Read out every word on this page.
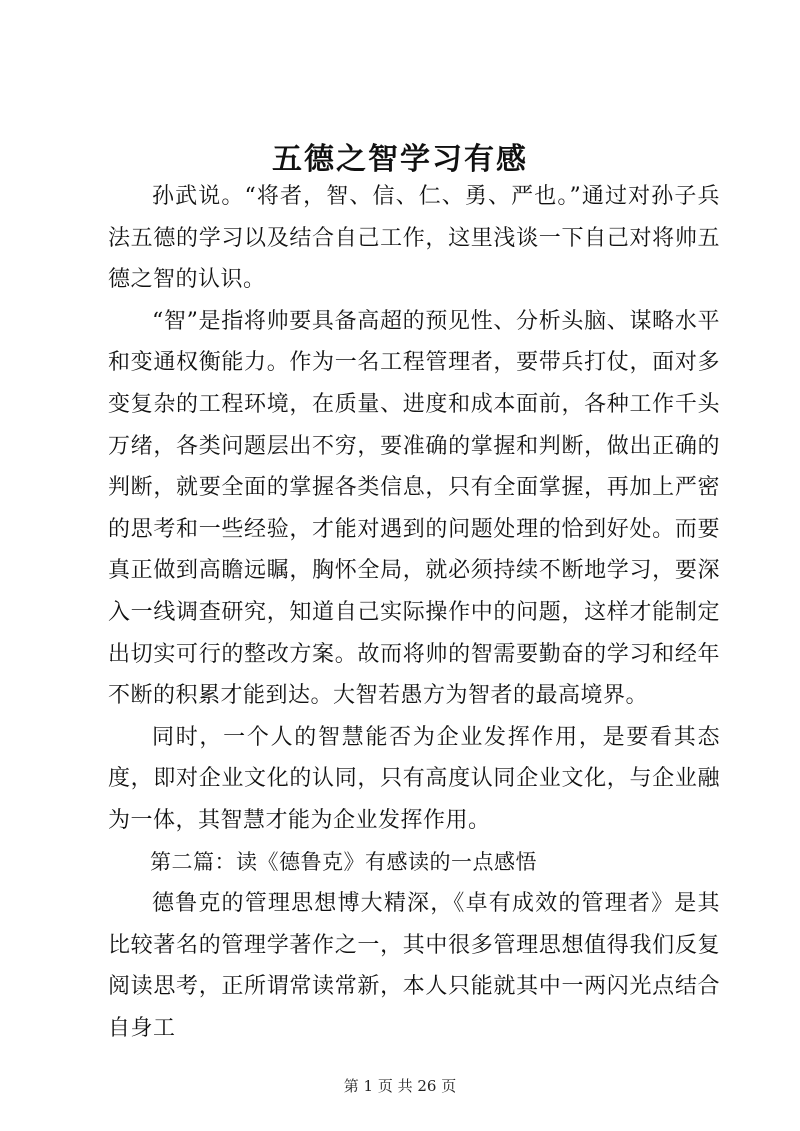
五德之智学习有感

孙武说。“将者，智、信、仁、勇、严也。”通过对孙子兵法五德的学习以及结合自己工作，这里浅谈一下自己对将帅五德之智的认识。

“智”是指将帅要具备高超的预见性、分析头脑、谋略水平和变通权衡能力。作为一名工程管理者，要带兵打仗，面对多变复杂的工程环境，在质量、进度和成本面前，各种工作千头万绪，各类问题层出不穷，要准确的掌握和判断，做出正确的判断，就要全面的掌握各类信息，只有全面掌握，再加上严密的思考和一些经验，才能对遇到的问题处理的恰到好处。而要真正做到高瞻远瞩，胸怀全局，就必须持续不断地学习，要深入一线调查研究，知道自己实际操作中的问题，这样才能制定出切实可行的整改方案。故而将帅的智需要勤奋的学习和经年不断的积累才能到达。大智若愚方为智者的最高境界。

同时，一个人的智慧能否为企业发挥作用，是要看其态度，即对企业文化的认同，只有高度认同企业文化，与企业融为一体，其智慧才能为企业发挥作用。

第二篇：读《德鲁克》有感读的一点感悟

德鲁克的管理思想博大精深，《卓有成效的管理者》是其比较著名的管理学著作之一，其中很多管理思想值得我们反复阅读思考，正所谓常读常新，本人只能就其中一两闪光点结合自身工

第 1 页 共 26 页
